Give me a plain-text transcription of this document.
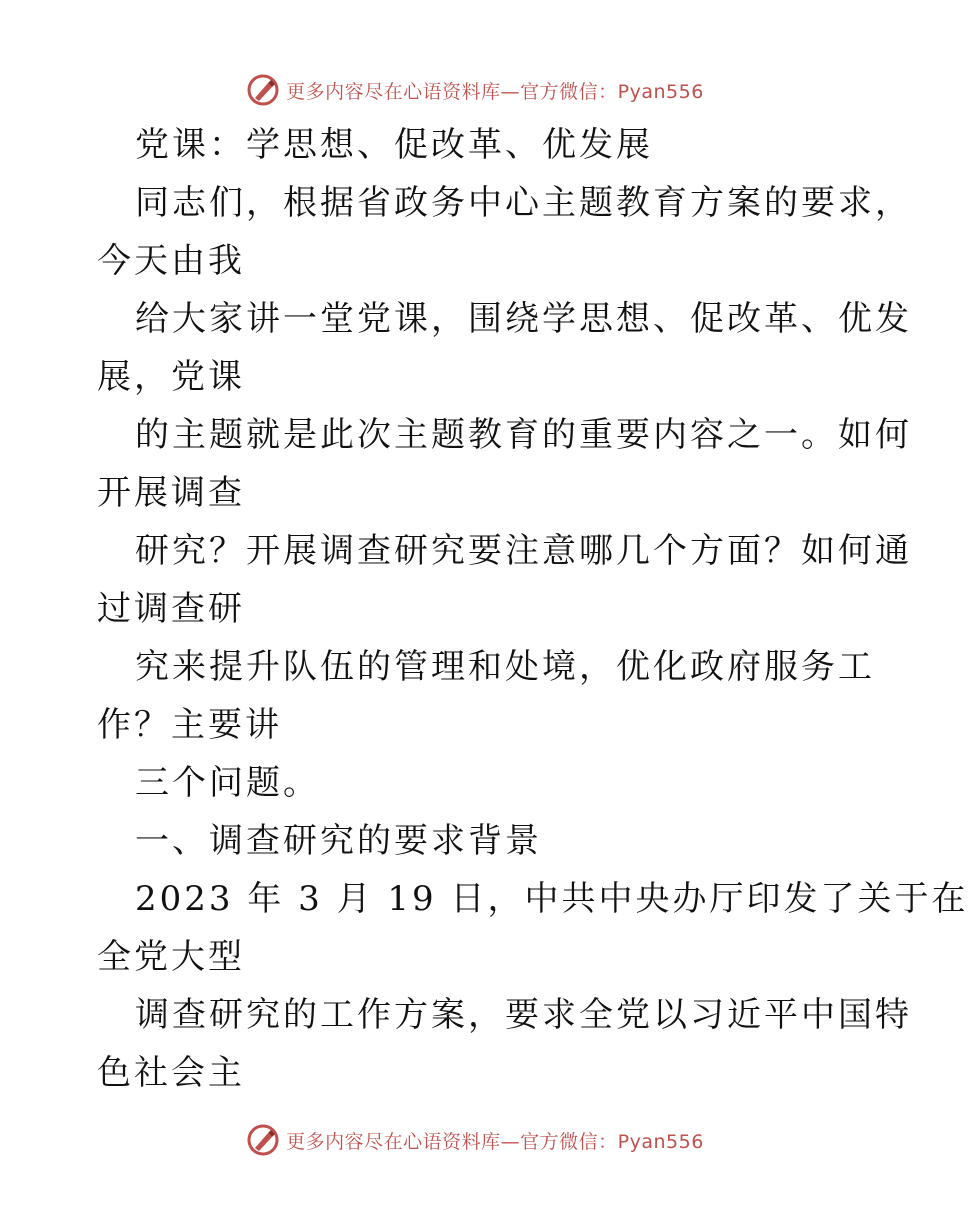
更多内容尽在心语资料库—官方微信：Pyan556
党课：学思想、促改革、优发展
同志们，根据省政务中心主题教育方案的要求，
今天由我
给大家讲一堂党课，围绕学思想、促改革、优发
展，党课
的主题就是此次主题教育的重要内容之一。如何
开展调查
研究？开展调查研究要注意哪几个方面？如何通
过调查研
究来提升队伍的管理和处境，优化政府服务工
作？主要讲
三个问题。
一、调查研究的要求背景
2023 年 3 月 19 日，中共中央办厅印发了关于在
全党大型
调查研究的工作方案，要求全党以习近平中国特
色社会主
更多内容尽在心语资料库—官方微信：Pyan556
